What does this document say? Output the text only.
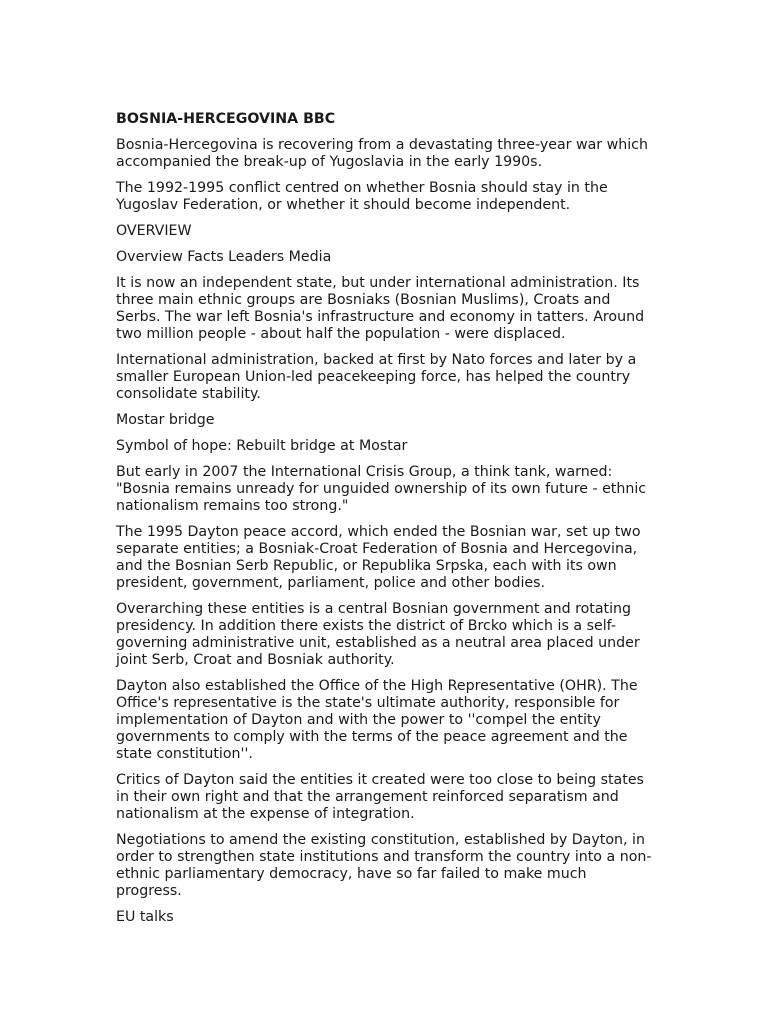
BOSNIA-HERCEGOVINA BBC

Bosnia-Hercegovina is recovering from a devastating three-year war which accompanied the break-up of Yugoslavia in the early 1990s.

The 1992-1995 conflict centred on whether Bosnia should stay in the Yugoslav Federation, or whether it should become independent.

OVERVIEW

Overview Facts Leaders Media

It is now an independent state, but under international administration. Its three main ethnic groups are Bosniaks (Bosnian Muslims), Croats and Serbs. The war left Bosnia's infrastructure and economy in tatters. Around two million people - about half the population - were displaced.

International administration, backed at first by Nato forces and later by a smaller European Union-led peacekeeping force, has helped the country consolidate stability.

Mostar bridge

Symbol of hope: Rebuilt bridge at Mostar

But early in 2007 the International Crisis Group, a think tank, warned: "Bosnia remains unready for unguided ownership of its own future - ethnic nationalism remains too strong."

The 1995 Dayton peace accord, which ended the Bosnian war, set up two separate entities; a Bosniak-Croat Federation of Bosnia and Hercegovina, and the Bosnian Serb Republic, or Republika Srpska, each with its own president, government, parliament, police and other bodies.

Overarching these entities is a central Bosnian government and rotating presidency. In addition there exists the district of Brcko which is a self-governing administrative unit, established as a neutral area placed under joint Serb, Croat and Bosniak authority.

Dayton also established the Office of the High Representative (OHR). The Office's representative is the state's ultimate authority, responsible for implementation of Dayton and with the power to ''compel the entity governments to comply with the terms of the peace agreement and the state constitution''.

Critics of Dayton said the entities it created were too close to being states in their own right and that the arrangement reinforced separatism and nationalism at the expense of integration.

Negotiations to amend the existing constitution, established by Dayton, in order to strengthen state institutions and transform the country into a non-ethnic parliamentary democracy, have so far failed to make much progress.

EU talks
